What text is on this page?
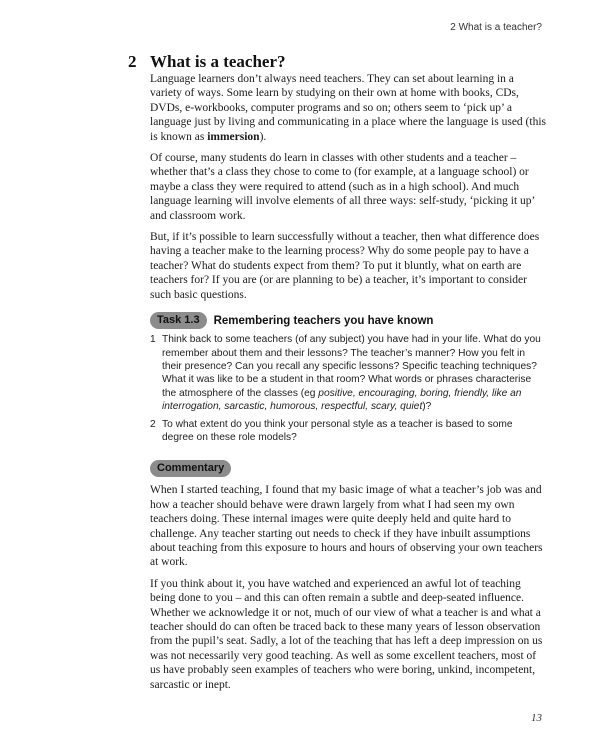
2 What is a teacher?
2 What is a teacher?

Language learners don’t always need teachers. They can set about learning in a variety of ways. Some learn by studying on their own at home with books, CDs, DVDs, e-workbooks, computer programs and so on; others seem to ‘pick up’ a language just by living and communicating in a place where the language is used (this is known as immersion).

Of course, many students do learn in classes with other students and a teacher – whether that’s a class they chose to come to (for example, at a language school) or maybe a class they were required to attend (such as in a high school). And much language learning will involve elements of all three ways: self-study, ‘picking it up’ and classroom work.

But, if it’s possible to learn successfully without a teacher, then what difference does having a teacher make to the learning process? Why do some people pay to have a teacher? What do students expect from them? To put it bluntly, what on earth are teachers for? If you are (or are planning to be) a teacher, it’s important to consider such basic questions.

Task 1.3	Remembering teachers you have known
1 Think back to some teachers (of any subject) you have had in your life. What do you remember about them and their lessons? The teacher’s manner? How you felt in their presence? Can you recall any specific lessons? Specific teaching techniques? What it was like to be a student in that room? What words or phrases characterise the atmosphere of the classes (eg positive, encouraging, boring, friendly, like an interrogation, sarcastic, humorous, respectful, scary, quiet)?
2 To what extent do you think your personal style as a teacher is based to some degree on these role models?
Commentary

When I started teaching, I found that my basic image of what a teacher’s job was and how a teacher should behave were drawn largely from what I had seen my own teachers doing. These internal images were quite deeply held and quite hard to challenge. Any teacher starting out needs to check if they have inbuilt assumptions about teaching from this exposure to hours and hours of observing your own teachers at work.

If you think about it, you have watched and experienced an awful lot of teaching being done to you – and this can often remain a subtle and deep-seated influence. Whether we acknowledge it or not, much of our view of what a teacher is and what a teacher should do can often be traced back to these many years of lesson observation from the pupil’s seat. Sadly, a lot of the teaching that has left a deep impression on us was not necessarily very good teaching. As well as some excellent teachers, most of us have probably seen examples of teachers who were boring, unkind, incompetent, sarcastic or inept.

13
